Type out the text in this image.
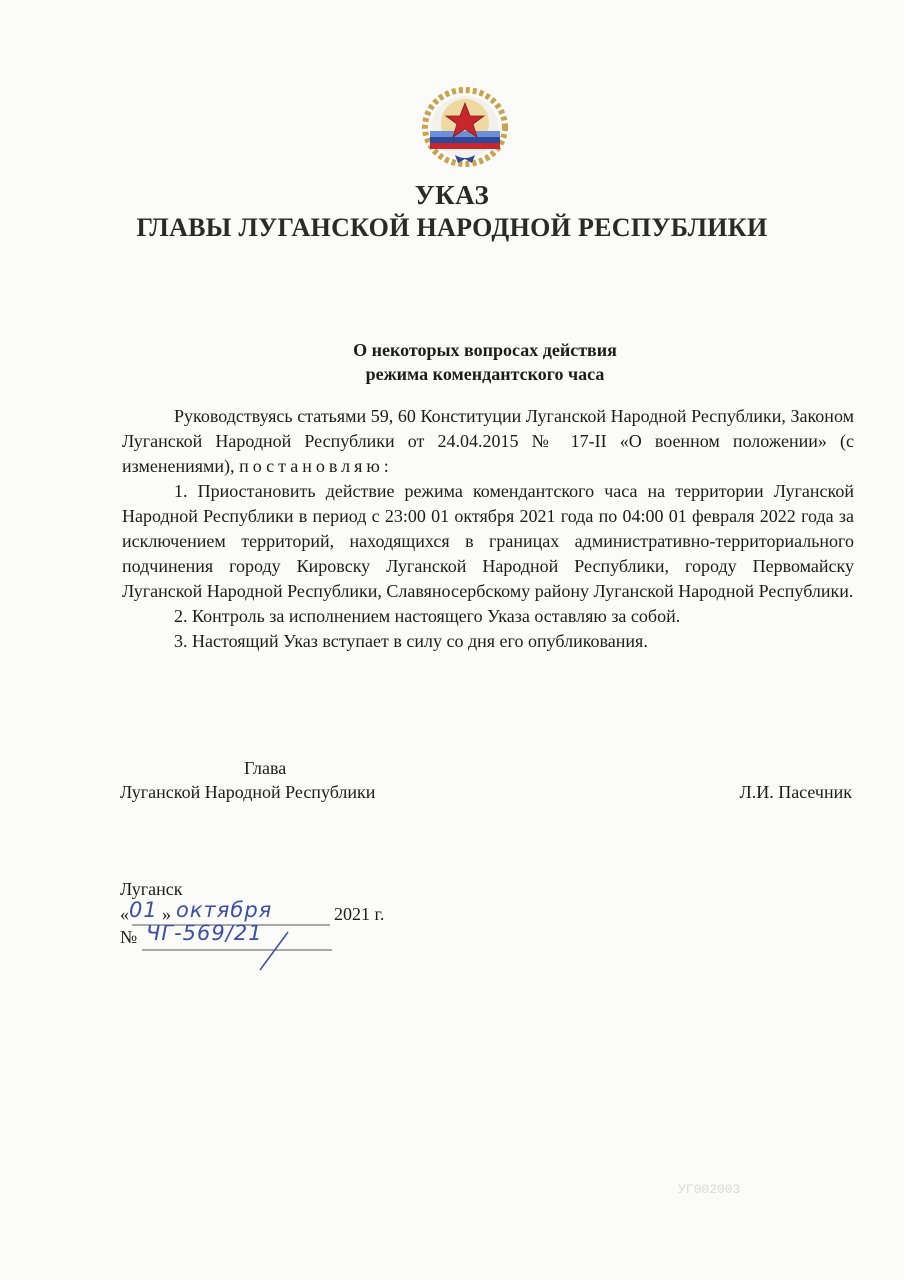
УКАЗ
ГЛАВЫ ЛУГАНСКОЙ НАРОДНОЙ РЕСПУБЛИКИ
О некоторых вопросах действия
режима комендантского часа

Руководствуясь статьями 59, 60 Конституции Луганской Народной Республики, Законом Луганской Народной Республики от 24.04.2015 № 17-II «О военном положении» (с изменениями), постановляю:

1. Приостановить действие режима комендантского часа на территории Луганской Народной Республики в период с 23:00 01 октября 2021 года по 04:00 01 февраля 2022 года за исключением территорий, находящихся в границах административно-территориального подчинения городу Кировску Луганской Народной Республики, городу Первомайску Луганской Народной Республики, Славяносербскому району Луганской Народной Республики.

2. Контроль за исполнением настоящего Указа оставляю за собой.

3. Настоящий Указ вступает в силу со дня его опубликования.

Глава
Луганской Народной Республики	Л.И. Пасечник
Луганск
« 01 » октября	2021 г.
№ ЧГ-569/21
УГ002003
